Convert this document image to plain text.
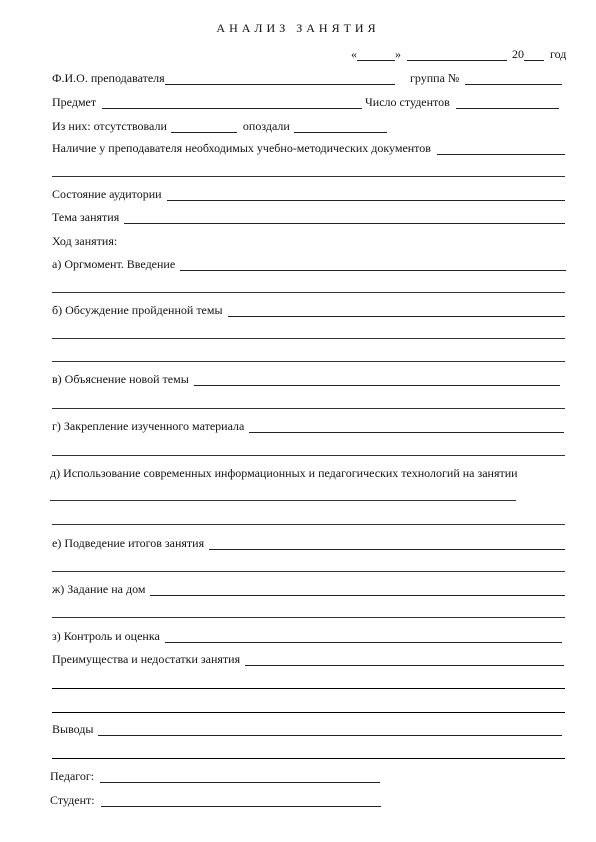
АНАЛИЗ ЗАНЯТИЯ
«	»	20 год
Ф.И.О. преподавателя	группа №
Предмет	Число студентов
Из них: отсутствовали	опоздали
Наличие у преподавателя необходимых учебно-методических документов
Состояние аудитории
Тема занятия
Ход занятия:
а) Оргмомент. Введение
б) Обсуждение пройденной темы
в) Объяснение новой темы
г) Закрепление изученного материала
д) Использование современных информационных и педагогических технологий на занятии
е) Подведение итогов занятия
ж) Задание на дом
з) Контроль и оценка
Преимущества и недостатки занятия
Выводы
Педагог:
Студент:
